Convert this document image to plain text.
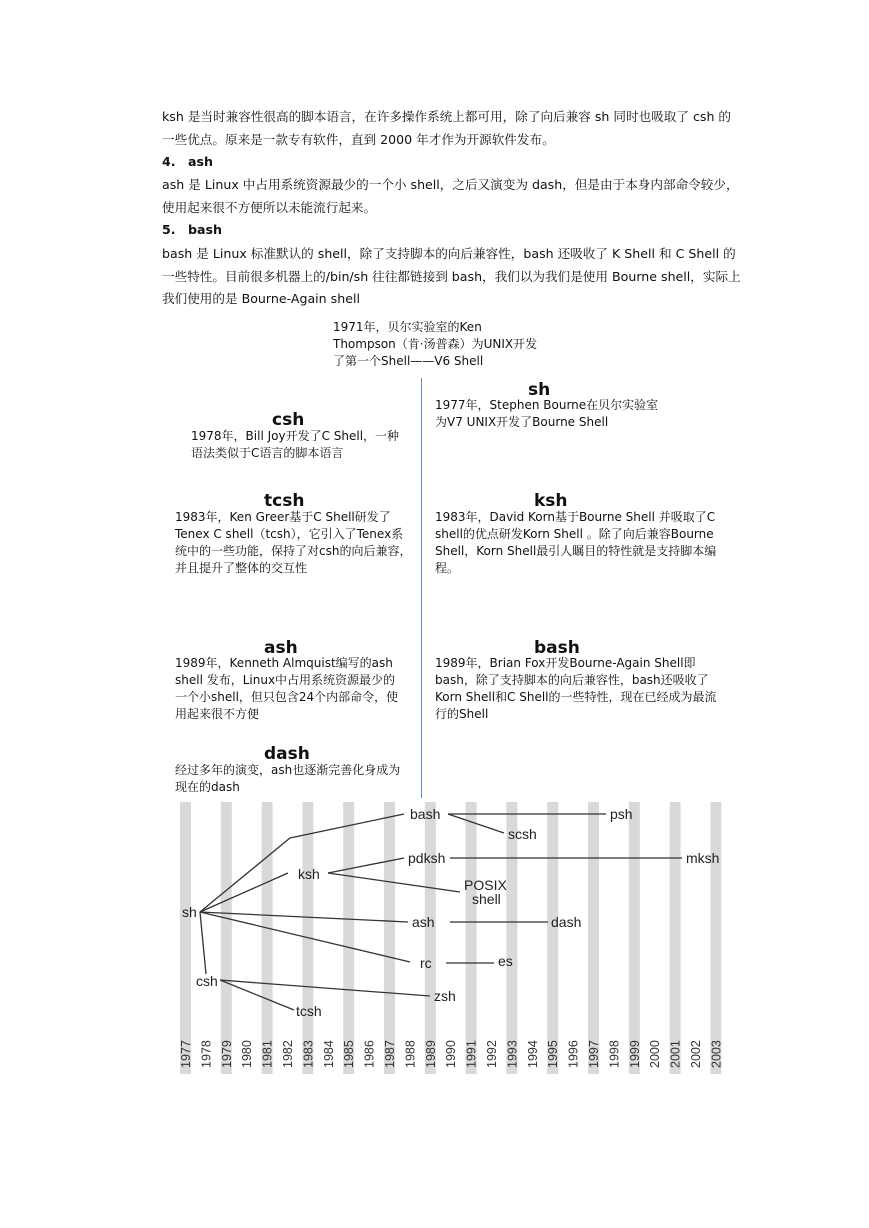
ksh 是当时兼容性很高的脚本语言，在许多操作系统上都可用，除了向后兼容 sh 同时也吸取了 csh 的一些优点。原来是一款专有软件，直到 2000 年才作为开源软件发布。
4. ash
ash 是 Linux 中占用系统资源最少的一个小 shell，之后又演变为 dash，但是由于本身内部命令较少，使用起来很不方便所以未能流行起来。
5. bash
bash 是 Linux 标准默认的 shell，除了支持脚本的向后兼容性，bash 还吸收了 K Shell 和 C Shell 的一些特性。目前很多机器上的/bin/sh 往往都链接到 bash，我们以为我们是使用 Bourne shell，实际上我们使用的是 Bourne-Again shell
1971年，贝尔实验室的Ken Thompson（肯·汤普森）为UNIX开发了第一个Shell——V6 Shell
sh
1977年，Stephen Bourne在贝尔实验室为V7 UNIX开发了Bourne Shell
csh
1978年，Bill Joy开发了C Shell，一种语法类似于C语言的脚本语言
tcsh
1983年，Ken Greer基于C Shell研发了Tenex C shell（tcsh），它引入了Tenex系统中的一些功能，保持了对csh的向后兼容，并且提升了整体的交互性
ksh
1983年，David Korn基于Bourne Shell 并吸取了C shell的优点研发Korn Shell 。除了向后兼容Bourne Shell，Korn Shell最引人瞩目的特性就是支持脚本编程。
ash
1989年，Kenneth Almquist编写的ash shell 发布，Linux中占用系统资源最少的一个小shell，但只包含24个内部命令，使用起来很不方便
bash
1989年，Brian Fox开发Bourne-Again Shell即bash，除了支持脚本的向后兼容性，bash还吸收了Korn Shell和C Shell的一些特性，现在已经成为最流行的Shell
dash
经过多年的演变，ash也逐渐完善化身成为现在的dash
sh
csh
ksh
bash
pdksh
scsh
psh
mksh
POSIX
shell
ash	dash
rc	es
zsh
tcsh
1977 1978 1979 1980 1981 1982 1983 1984 1985 1986 1987 1988 1989 1990 1991 1992 1993 1994 1995 1996 1997 1998 1999 2000 2001 2002 2003
